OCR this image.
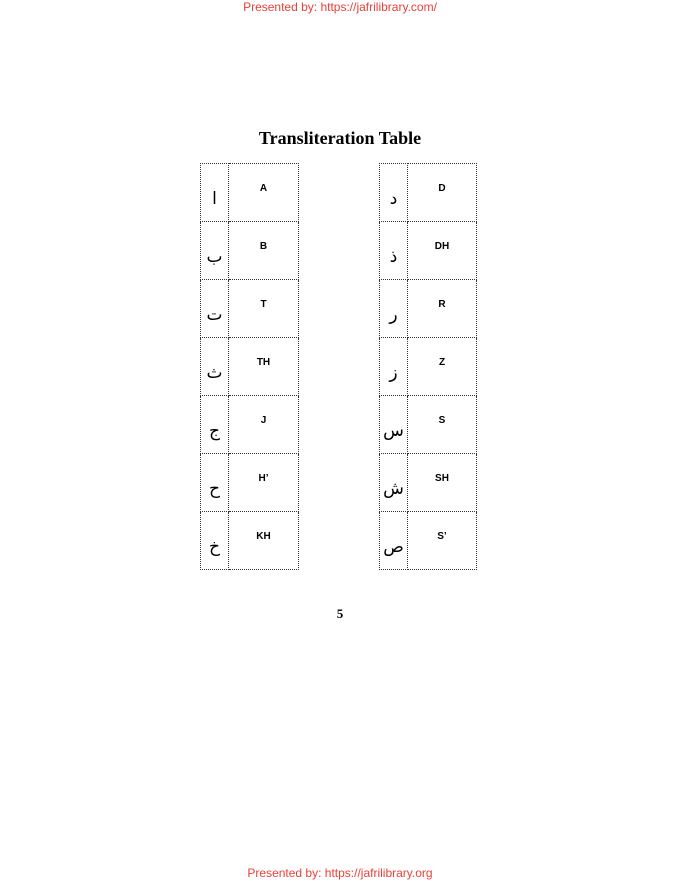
Presented by: https://jafrilibrary.com/
Transliteration Table
ا	A
ب	B
ت	T
ث	TH
ج	J
ح	H’
خ	KH
د	D
ذ	DH
ر	R
ز	Z
س	S
ش	SH
ص	S’
5
Presented by: https://jafrilibrary.org
